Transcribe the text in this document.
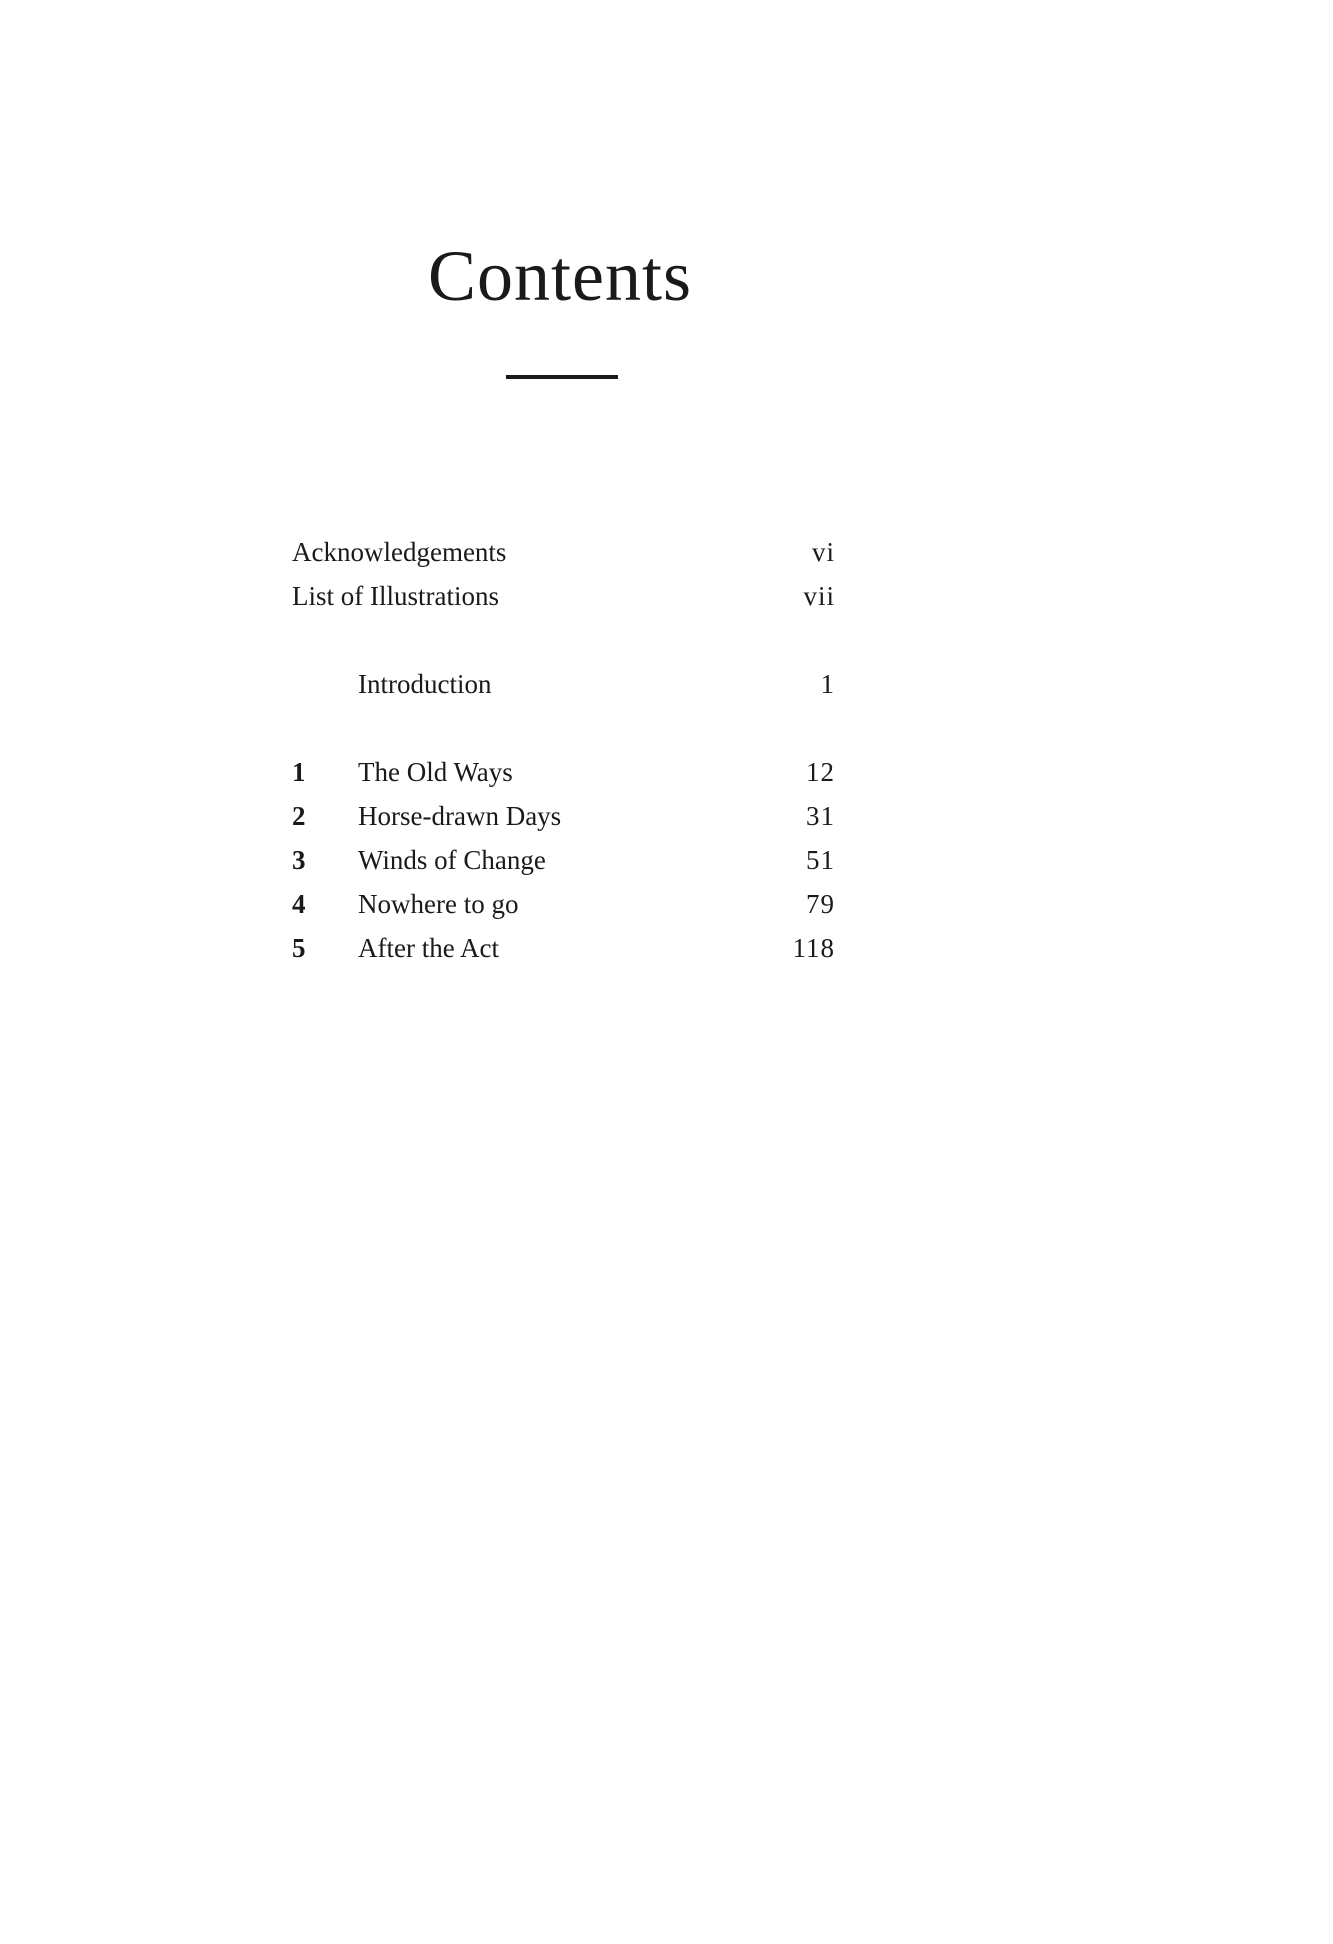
Contents
Acknowledgements	vi
List of Illustrations	vii
Introduction	1
1	The Old Ways	12
2	Horse-drawn Days	31
3	Winds of Change	51
4	Nowhere to go	79
5	After the Act	118
